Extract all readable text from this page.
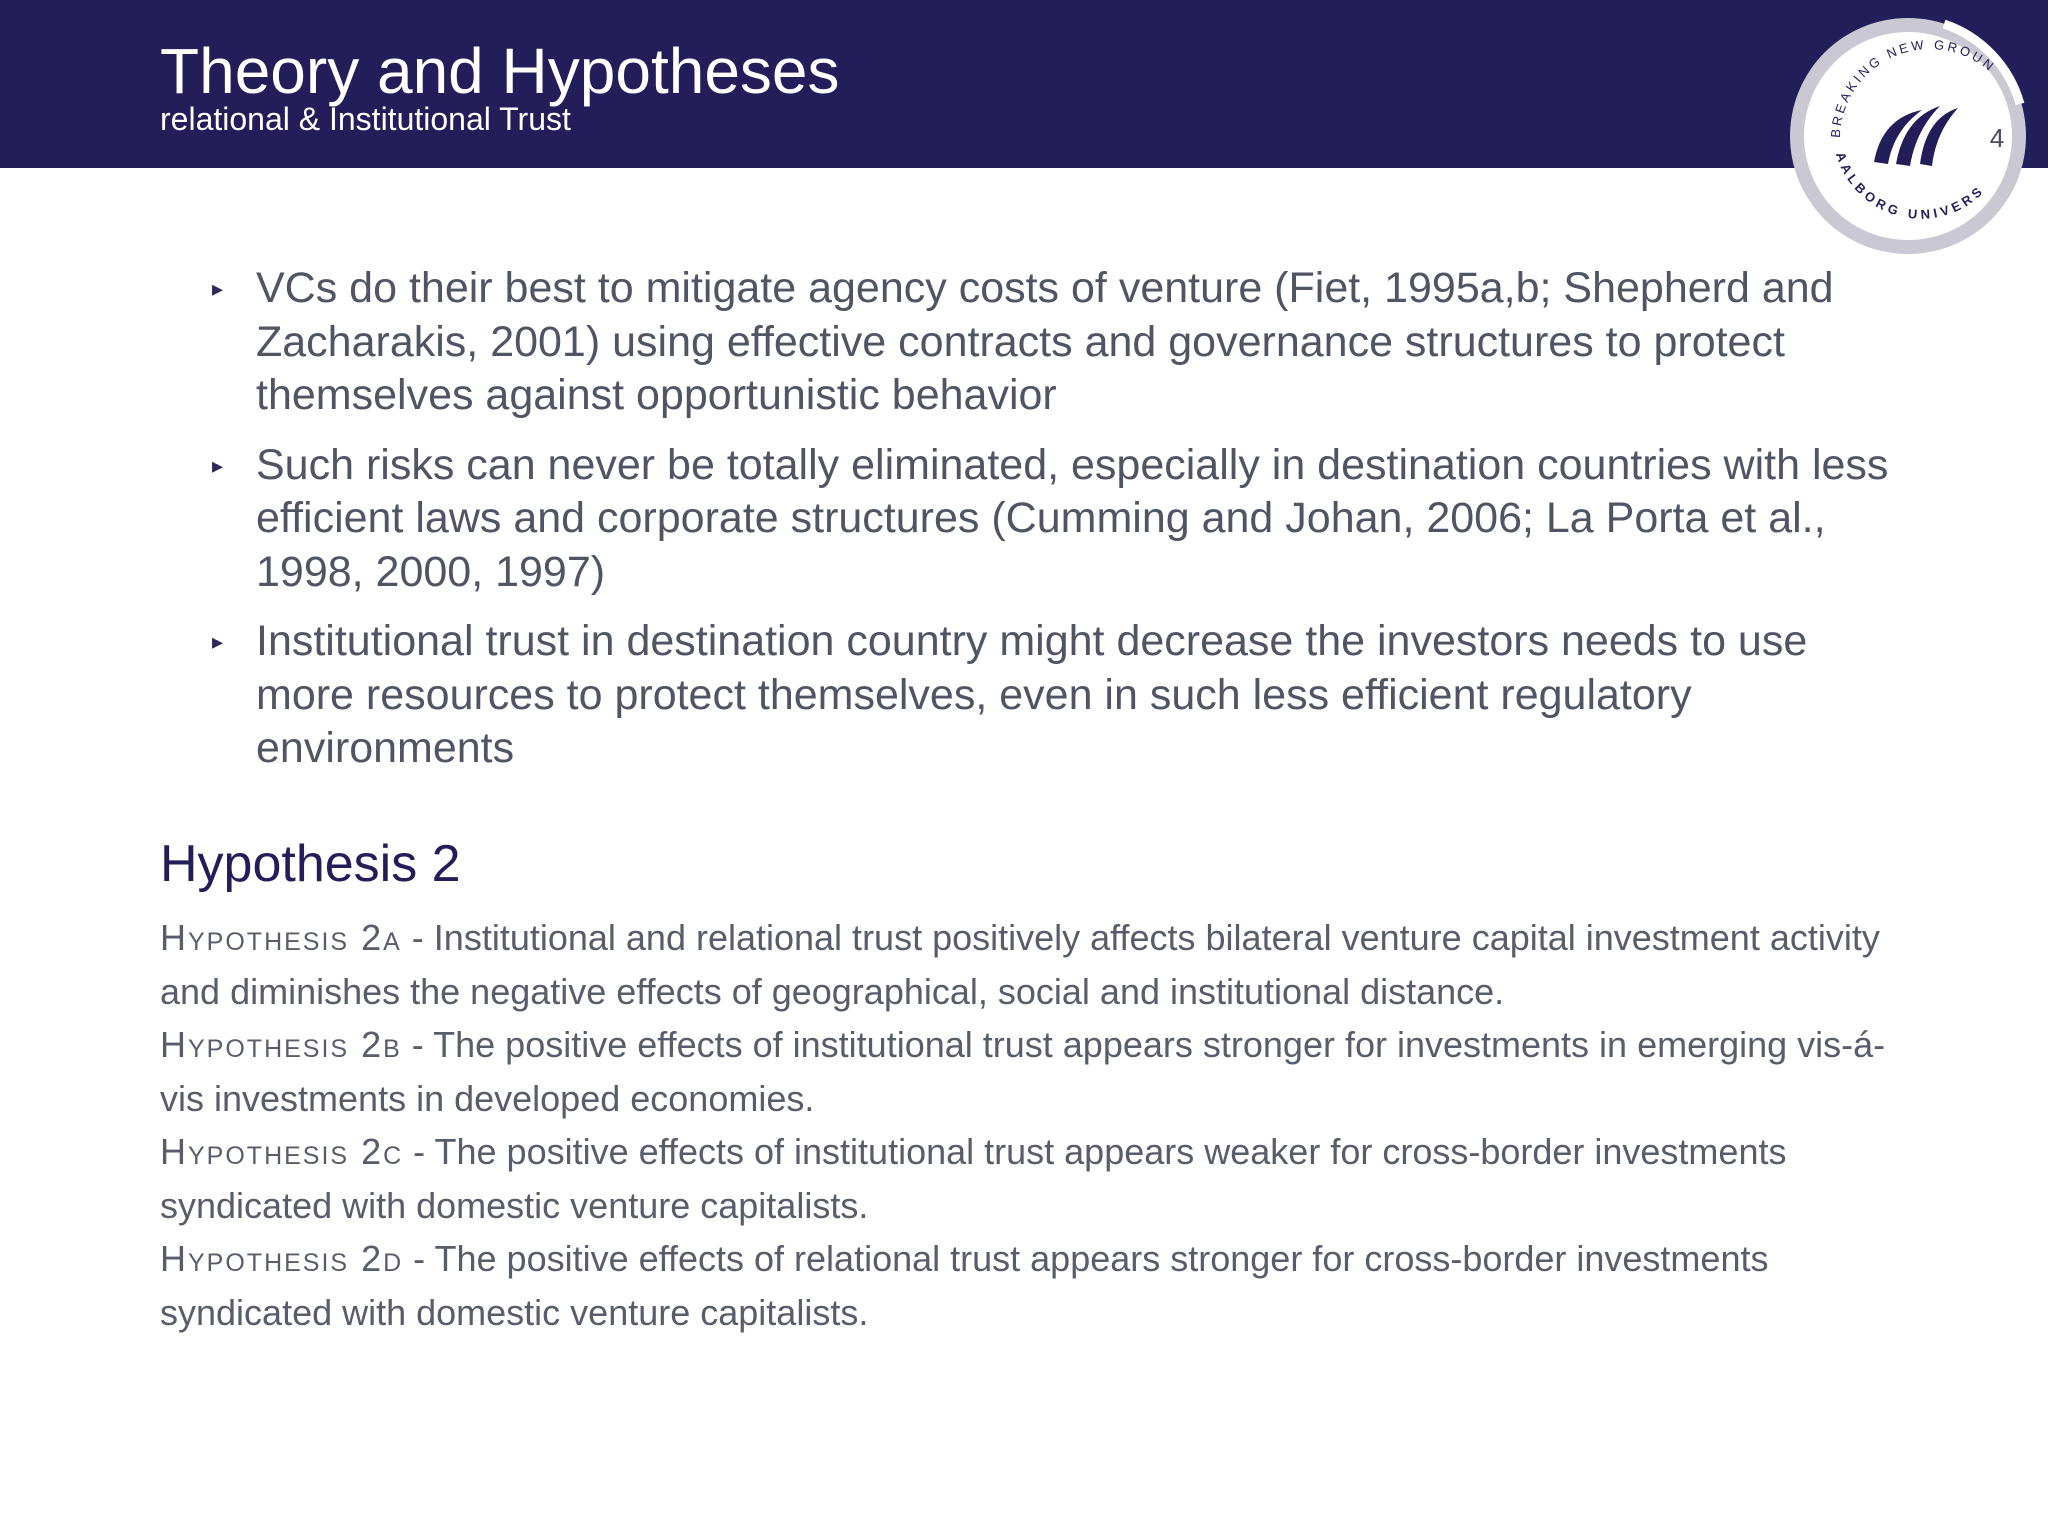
Theory and Hypotheses
relational & Institutional Trust	BREAKING NEW GROUN
AALBORG UNIVERS
4
▸ VCs do their best to mitigate agency costs of venture (Fiet, 1995a,b; Shepherd and Zacharakis, 2001) using effective contracts and governance structures to protect themselves against opportunistic behavior
▸ Such risks can never be totally eliminated, especially in destination countries with less efficient laws and corporate structures (Cumming and Johan, 2006; La Porta et al., 1998, 2000, 1997)
▸ Institutional trust in destination country might decrease the investors needs to use more resources to protect themselves, even in such less efficient regulatory environments
Hypothesis 2
Hypothesis 2a - Institutional and relational trust positively affects bilateral venture capital investment activity and diminishes the negative effects of geographical, social and institutional distance.
Hypothesis 2b - The positive effects of institutional trust appears stronger for investments in emerging vis-á-vis investments in developed economies.
Hypothesis 2c - The positive effects of institutional trust appears weaker for cross-border investments syndicated with domestic venture capitalists.
Hypothesis 2d - The positive effects of relational trust appears stronger for cross-border investments syndicated with domestic venture capitalists.
